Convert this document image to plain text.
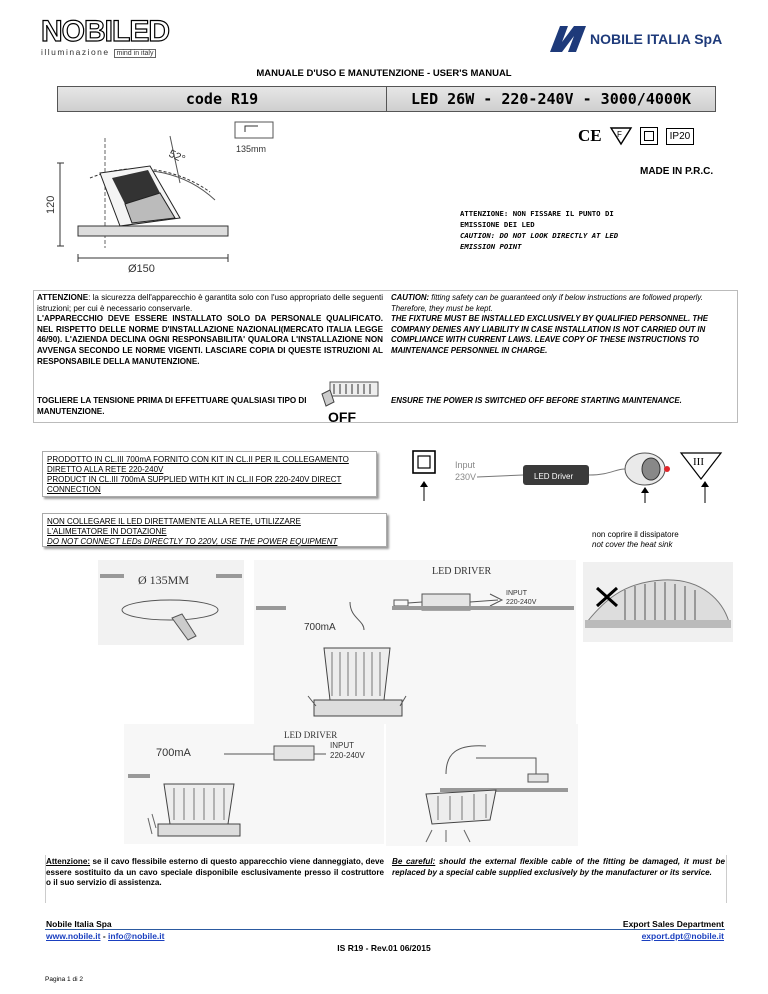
NOBILED
illuminazione mind in italy
NOBILE ITALIA SpA
MANUALE D'USO E MANUTENZIONE - USER'S MANUAL
code R19	LED 26W - 220-240V - 3000/4000K
52°
120
Ø150
135mm
CE F	IP20
MADE IN P.R.C.
ATTENZIONE: NON FISSARE IL PUNTO DI
EMISSIONE DEI LED
CAUTION: DO NOT LOOK DIRECTLY AT LED
EMISSION POINT
ATTENZIONE: la sicurezza dell'apparecchio è garantita solo con l'uso appropriato delle seguenti istruzioni; per cui è necessario conservarle.
L'APPARECCHIO DEVE ESSERE INSTALLATO SOLO DA PERSONALE QUALIFICATO. NEL RISPETTO DELLE NORME D'INSTALLAZIONE NAZIONALI(MERCATO ITALIA LEGGE 46/90). L'AZIENDA DECLINA OGNI RESPONSABILITA' QUALORA L'INSTALLAZIONE NON AVVENGA SECONDO LE NORME VIGENTI. LASCIARE COPIA DI QUESTE ISTRUZIONI AL RESPONSABILE DELLA MANUTENZIONE.
CAUTION: fitting safety can be guaranteed only if below instructions are followed properly. Therefore, they must be kept.
THE FIXTURE MUST BE INSTALLED EXCLUSIVELY BY QUALIFIED PERSONNEL. THE COMPANY DENIES ANY LIABILITY IN CASE INSTALLATION IS NOT CARRIED OUT IN COMPLIANCE WITH CURRENT LAWS. LEAVE COPY OF THESE INSTRUCTIONS TO MAINTENANCE PERSONNEL IN CHARGE.
TOGLIERE LA TENSIONE PRIMA DI EFFETTUARE QUALSIASI TIPO DI MANUTENZIONE.
ENSURE THE POWER IS SWITCHED OFF BEFORE STARTING MAINTENANCE.
OFF
PRODOTTO IN CL.III 700mA FORNITO CON KIT IN CL.II PER IL COLLEGAMENTO DIRETTO ALLA RETE 220-240V
PRODUCT IN CL.III 700mA SUPPLIED WITH KIT IN CL.II FOR 220-240V DIRECT CONNECTION
Input
230V	LED Driver
III
NON COLLEGARE IL LED DIRETTAMENTE ALLA RETE, UTILIZZARE
L'ALIMETATORE IN DOTAZIONE
DO NOT CONNECT LEDs DIRECTLY TO 220V, USE THE POWER EQUIPMENT
non coprire il dissipatore
not cover the heat sink
Ø 135MM
LED DRIVER
INPUT
220-240V
700mA
LED DRIVER
700mA
INPUT
220-240V
Attenzione: se il cavo flessibile esterno di questo apparecchio viene danneggiato, deve essere sostituito da un cavo speciale disponibile esclusivamente presso il costruttore o il suo servizio di assistenza.
Be careful: should the external flexible cable of the fitting be damaged, it must be replaced by a special cable supplied exclusively by the manufacturer or its service.
Nobile Italia Spa
www.nobile.it - info@nobile.it
Export Sales Department
export.dpt@nobile.it
IS R19 - Rev.01 06/2015
Pagina 1 di 2
